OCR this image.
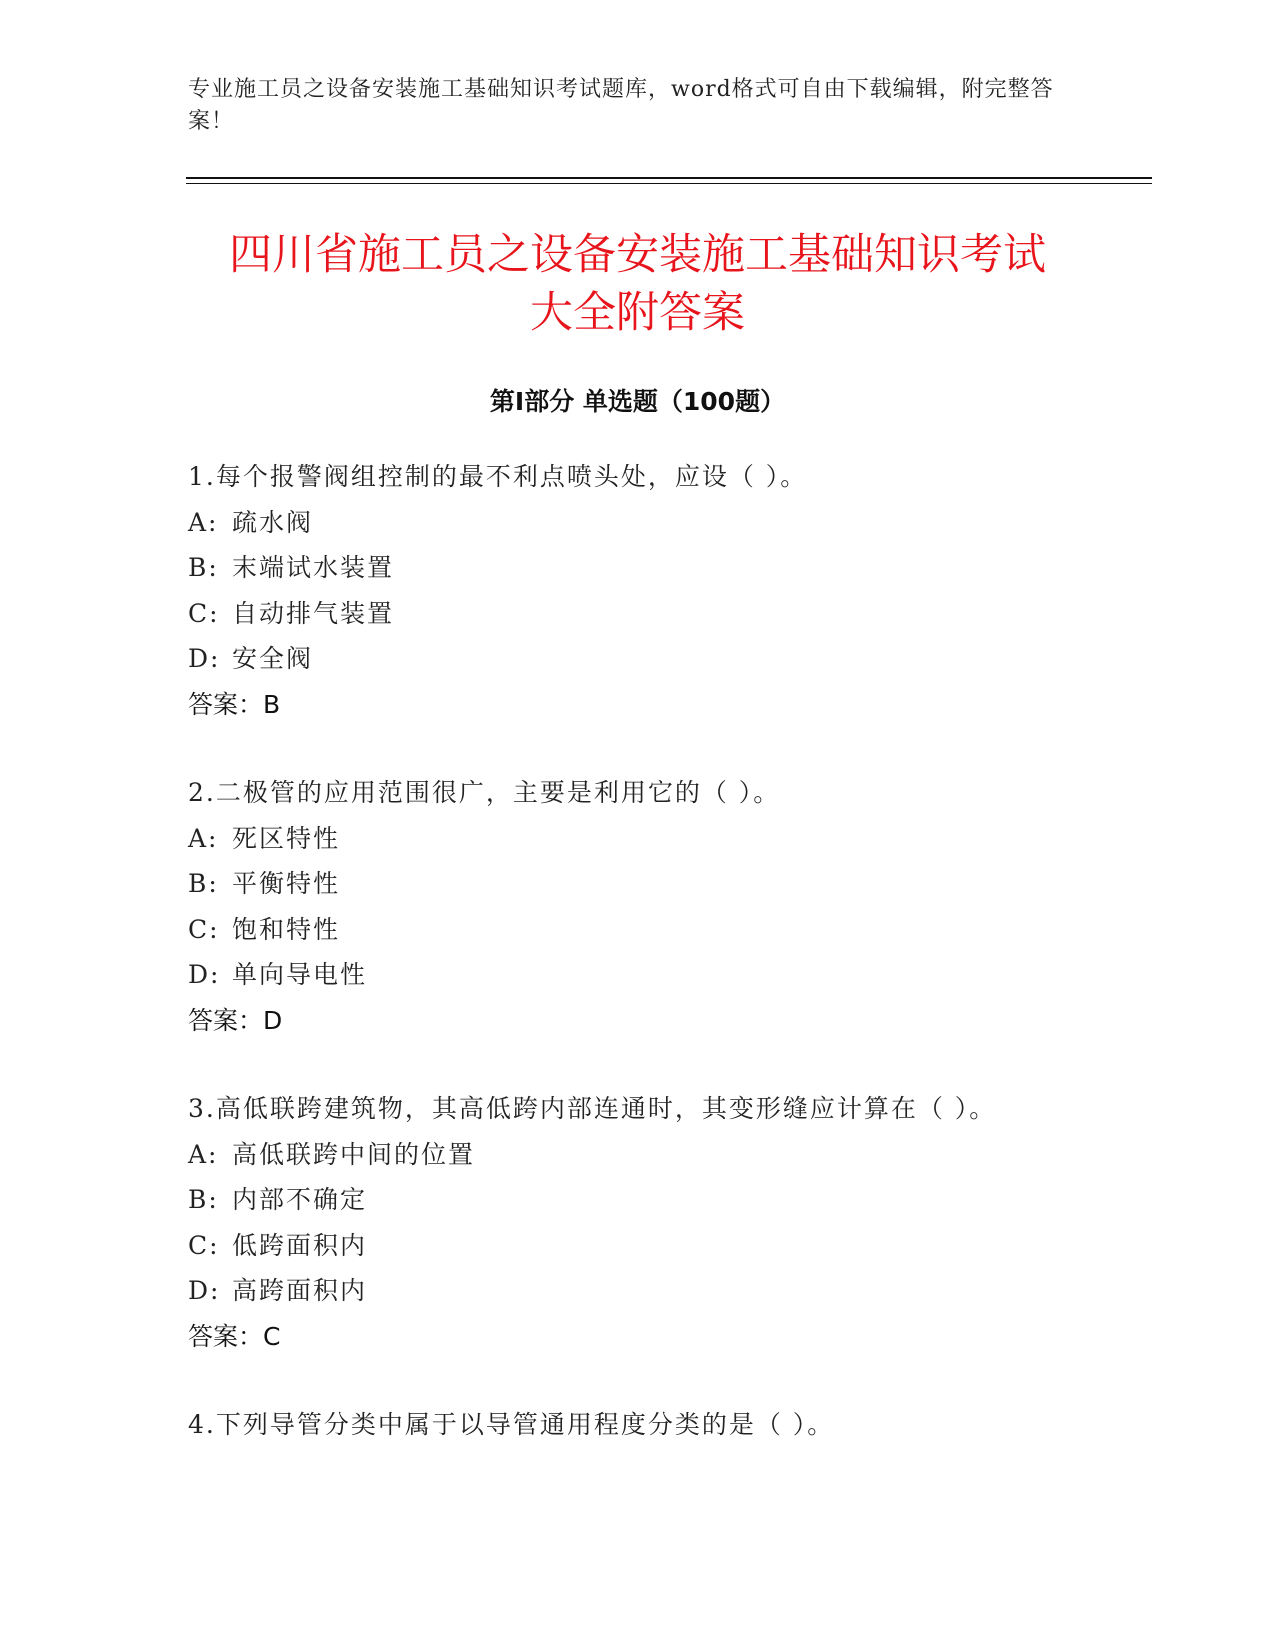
专业施工员之设备安装施工基础知识考试题库，word格式可自由下载编辑，附完整答案！
四川省施工员之设备安装施工基础知识考试
大全附答案
第Ⅰ部分 单选题（100题）
1.每个报警阀组控制的最不利点喷头处，应设（ ）。
A: 疏水阀
B: 末端试水装置
C: 自动排气装置
D: 安全阀
答案：B
2.二极管的应用范围很广，主要是利用它的（ ）。
A: 死区特性
B: 平衡特性
C: 饱和特性
D: 单向导电性
答案：D
3.高低联跨建筑物，其高低跨内部连通时，其变形缝应计算在（ ）。
A: 高低联跨中间的位置
B: 内部不确定
C: 低跨面积内
D: 高跨面积内
答案：C
4.下列导管分类中属于以导管通用程度分类的是（ ）。
